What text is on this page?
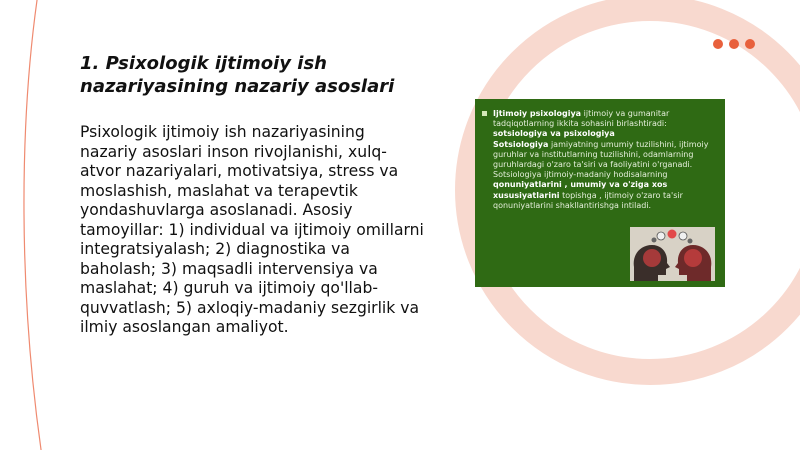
1. Psixologik ijtimoiy ish nazariyasining nazariy asoslari

Psixologik ijtimoiy ish nazariyasining nazariy asoslari inson rivojlanishi, xulq-atvor nazariyalari, motivatsiya, stress va moslashish, maslahat va terapevtik yondashuvlarga asoslanadi. Asosiy tamoyillar: 1) individual va ijtimoiy omillarni integratsiyalash; 2) diagnostika va baholash; 3) maqsadli intervensiya va maslahat; 4) guruh va ijtimoiy qo'llab-quvvatlash; 5) axloqiy-madaniy sezgirlik va ilmiy asoslangan amaliyot.

Ijtimoiy psixologiya ijtimoiy va gumanitar tadqiqotlarning ikkita sohasini birlashtiradi:
sotsiologiya va psixologiya
Sotsiologiya jamiyatning umumiy tuzilishini, ijtimoiy guruhlar va institutlarning tuzilishini, odamlarning guruhlardagi o'zaro ta'siri va faoliyatini o'rganadi. Sotsiologiya ijtimoiy-madaniy hodisalarning qonuniyatlarini , umumiy va o'ziga xos xususiyatlarini topishga , ijtimoiy o'zaro ta'sir qonuniyatlarini shakllantirishga intiladi.
